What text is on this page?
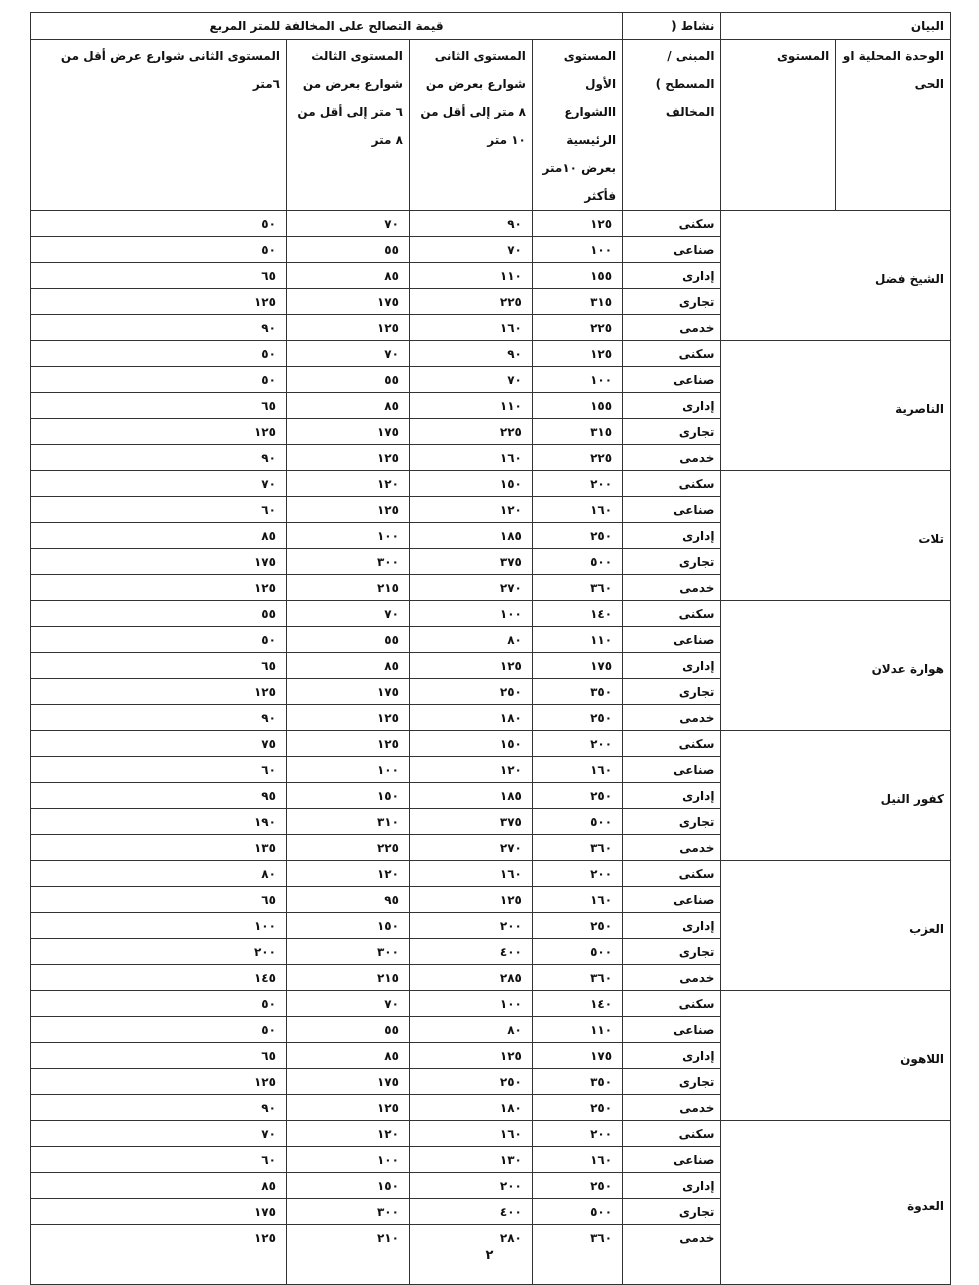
البيان		نشاط (	قيمة التصالح على المخالفة للمتر المربع			
الوحدة المحلية او الحى	المستوى	المبنى / المسطح ) المخالف	المستوى الأول االشوارع الرئيسية بعرض ١٠متر فأكثر	المستوى الثانى شوارع بعرض من ٨ متر إلى أقل من ١٠ متر	المستوى الثالث شوارع بعرض من ٦ متر إلى أقل من ٨ متر	المستوى الثانى شوارع عرض أقل من ٦متر
الشيخ فضل		سكنى	١٢٥	٩٠	٧٠	٥٠
		صناعى	١٠٠	٧٠	٥٥	٥٠
		إدارى	١٥٥	١١٠	٨٥	٦٥
		تجارى	٣١٥	٢٢٥	١٧٥	١٢٥
		خدمى	٢٢٥	١٦٠	١٢٥	٩٠
الناصرية		سكنى	١٢٥	٩٠	٧٠	٥٠
		صناعى	١٠٠	٧٠	٥٥	٥٠
		إدارى	١٥٥	١١٠	٨٥	٦٥
		تجارى	٣١٥	٢٢٥	١٧٥	١٢٥
		خدمى	٢٢٥	١٦٠	١٢٥	٩٠
تلات		سكنى	٢٠٠	١٥٠	١٢٠	٧٠
		صناعى	١٦٠	١٢٠	١٢٥	٦٠
		إدارى	٢٥٠	١٨٥	١٠٠	٨٥
		تجارى	٥٠٠	٣٧٥	٣٠٠	١٧٥
		خدمى	٣٦٠	٢٧٠	٢١٥	١٢٥
هوارة عدلان		سكنى	١٤٠	١٠٠	٧٠	٥٥
		صناعى	١١٠	٨٠	٥٥	٥٠
		إدارى	١٧٥	١٢٥	٨٥	٦٥
		تجارى	٣٥٠	٢٥٠	١٧٥	١٢٥
		خدمى	٢٥٠	١٨٠	١٢٥	٩٠
كفور النيل		سكنى	٢٠٠	١٥٠	١٢٥	٧٥
		صناعى	١٦٠	١٢٠	١٠٠	٦٠
		إدارى	٢٥٠	١٨٥	١٥٠	٩٥
		تجارى	٥٠٠	٣٧٥	٣١٠	١٩٠
		خدمى	٣٦٠	٢٧٠	٢٢٥	١٣٥
العزب		سكنى	٢٠٠	١٦٠	١٢٠	٨٠
		صناعى	١٦٠	١٢٥	٩٥	٦٥
		إدارى	٢٥٠	٢٠٠	١٥٠	١٠٠
		تجارى	٥٠٠	٤٠٠	٣٠٠	٢٠٠
		خدمى	٣٦٠	٢٨٥	٢١٥	١٤٥
اللاهون		سكنى	١٤٠	١٠٠	٧٠	٥٠
		صناعى	١١٠	٨٠	٥٥	٥٠
		إدارى	١٧٥	١٢٥	٨٥	٦٥
		تجارى	٣٥٠	٢٥٠	١٧٥	١٢٥
		خدمى	٢٥٠	١٨٠	١٢٥	٩٠
العدوة		سكنى	٢٠٠	١٦٠	١٢٠	٧٠
		صناعى	١٦٠	١٣٠	١٠٠	٦٠
		إدارى	٢٥٠	٢٠٠	١٥٠	٨٥
		تجارى	٥٠٠	٤٠٠	٣٠٠	١٧٥
		خدمى	٣٦٠	٢٨٠	٢١٠	١٢٥
٢
